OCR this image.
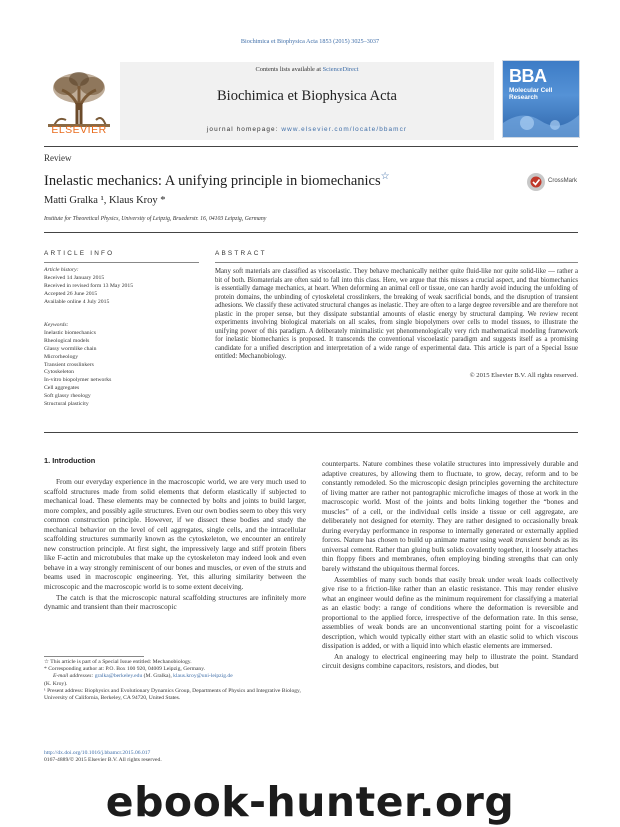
Biochimica et Biophysica Acta 1853 (2015) 3025–3037
ELSEVIER
Contents lists available at ScienceDirect
Biochimica et Biophysica Acta
journal homepage: www.elsevier.com/locate/bbamcr
BBA
Molecular Cell Research
Review
Inelastic mechanics: A unifying principle in biomechanics☆	CrossMark
Matti Gralka ¹, Klaus Kroy *
Institute for Theoretical Physics, University of Leipzig, Bruederstr. 16, 04103 Leipzig, Germany
ARTICLE INFO	ABSTRACT
Article history:
Received 14 January 2015
Received in revised form 13 May 2015
Accepted 26 June 2015
Available online 4 July 2015
Keywords:
Inelastic biomechanics
Rheological models
Glassy wormlike chain
Microrheology
Transient crosslinkers
Cytoskeleton
In-vitro biopolymer networks
Cell aggregates
Soft glassy rheology
Structural plasticity
Many soft materials are classified as viscoelastic. They behave mechanically neither quite fluid-like nor quite solid-like — rather a bit of both. Biomaterials are often said to fall into this class. Here, we argue that this misses a crucial aspect, and that biomechanics is essentially damage mechanics, at heart. When deforming an animal cell or tissue, one can hardly avoid inducing the unfolding of protein domains, the unbinding of cytoskeletal crosslinkers, the breaking of weak sacrificial bonds, and the disruption of transient adhesions. We classify these activated structural changes as inelastic. They are often to a large degree reversible and are therefore not plastic in the proper sense, but they dissipate substantial amounts of elastic energy by structural damping. We review recent experiments involving biological materials on all scales, from single biopolymers over cells to model tissues, to illustrate the unifying power of this paradigm. A deliberately minimalistic yet phenomenologically very rich mathematical modeling framework for inelastic biomechanics is proposed. It transcends the conventional viscoelastic paradigm and suggests itself as a promising candidate for a unified description and interpretation of a wide range of experimental data. This article is part of a Special Issue entitled: Mechanobiology.
© 2015 Elsevier B.V. All rights reserved.
1. Introduction

From our everyday experience in the macroscopic world, we are very much used to scaffold structures made from solid elements that deform elastically if subjected to mechanical load. These elements may be connected by bolts and joints to build larger, more complex, and possibly agile structures. Even our own bodies seem to obey this very common construction principle. However, if we dissect these bodies and study the mechanical behavior on the level of cell aggregates, single cells, and the intracellular scaffolding structures summarily known as the cytoskeleton, we encounter an entirely new construction principle. At first sight, the impressively large and stiff protein fibers like F-actin and microtubules that make up the cytoskeleton may indeed look and even behave in a way strongly reminiscent of our bones and muscles, or even of the struts and beams used in macroscopic engineering. Yet, this alluring similarity between the microscopic and the macroscopic world is to some extent deceiving.

The catch is that the microscopic natural scaffolding structures are infinitely more dynamic and transient than their macroscopic

counterparts. Nature combines these volatile structures into impressively durable and adaptive creatures, by allowing them to fluctuate, to grow, decay, reform and to be constantly remodeled. So the microscopic design principles governing the architecture of living matter are rather not pantographic microfiche images of those at work in the macroscopic world. Most of the joints and bolts linking together the “bones and muscles” of a cell, or the individual cells inside a tissue or cell aggregate, are deliberately not designed for eternity. They are rather designed to occasionally break during everyday performance in response to internally generated or externally applied forces. Nature has chosen to build up animate matter using weak transient bonds as its universal cement. Rather than gluing bulk solids covalently together, it loosely attaches thin floppy fibers and membranes, often employing binding strengths that can only barely withstand the ubiquitous thermal forces.

Assemblies of many such bonds that easily break under weak loads collectively give rise to a friction-like rather than an elastic resistance. This may render elusive what an engineer would define as the minimum requirement for classifying a material as an elastic body: a range of conditions where the deformation is reversible and proportional to the applied force, irrespective of the deformation rate. In this sense, assemblies of weak bonds are an unconventional starting point for a viscoelastic description, which would typically either start with an elastic solid to which viscous dissipation is added, or with a liquid into which elastic elements are immersed.

An analogy to electrical engineering may help to illustrate the point. Standard circuit designs combine capacitors, resistors, and diodes, but

☆ This article is part of a Special Issue entitled: Mechanobiology.
* Corresponding author at: P.O. Box 100 920, 04009 Leipzig, Germany.
E-mail addresses: gralka@berkeley.edu (M. Gralka), klaus.kroy@uni-leipzig.de
(K. Kroy).
¹ Present address: Biophysics and Evolutionary Dynamics Group, Departments of Physics and Integrative Biology, University of California, Berkeley, CA 94720, United States.
http://dx.doi.org/10.1016/j.bbamcr.2015.06.017
0167-4889/© 2015 Elsevier B.V. All rights reserved.
ebook-hunter.org
